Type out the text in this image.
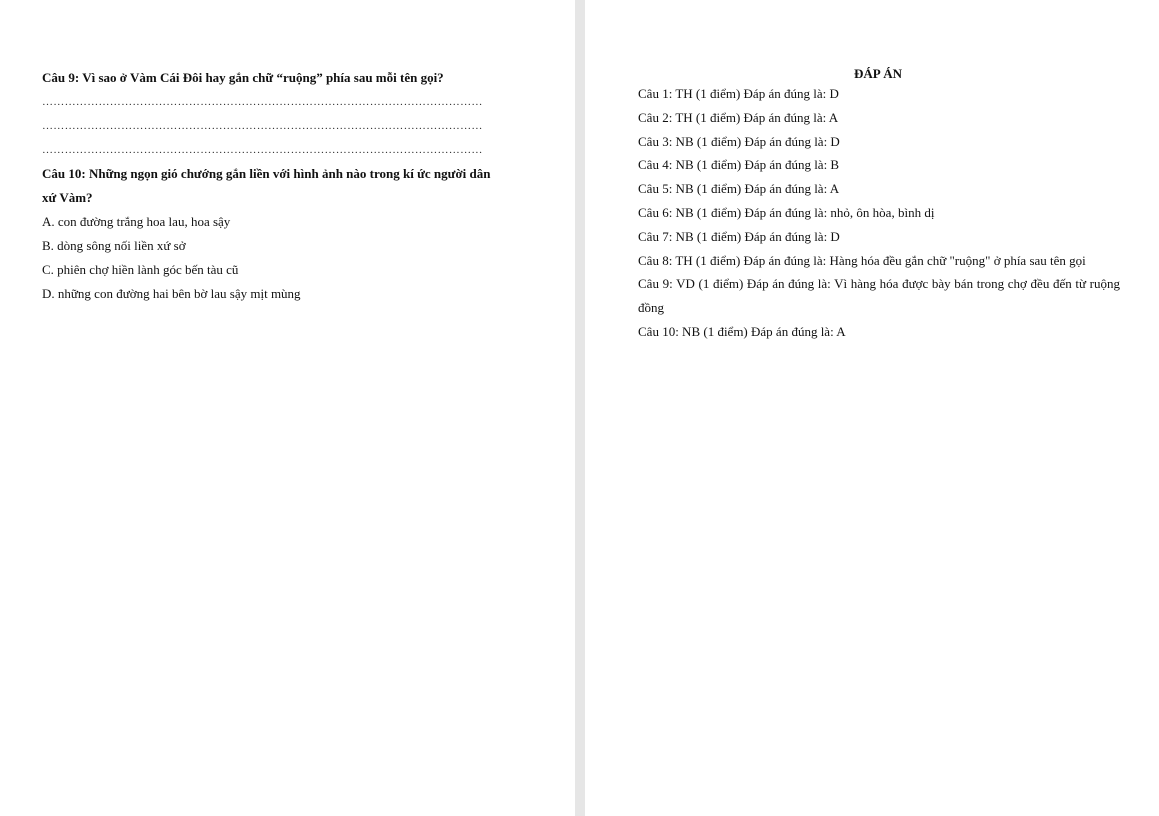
Câu 9: Vì sao ở Vàm Cái Đôi hay gắn chữ “ruộng” phía sau mỗi tên gọi?
………………………………………………………………………………………………………
………………………………………………………………………………………………………
………………………………………………………………………………………………………
Câu 10: Những ngọn gió chướng gắn liền với hình ảnh nào trong kí ức người dân
xứ Vàm?
A. con đường trắng hoa lau, hoa sậy
B. dòng sông nối liền xứ sở
C. phiên chợ hiền lành góc bến tàu cũ
D. những con đường hai bên bờ lau sậy mịt mùng
ĐÁP ÁN
Câu 1: TH (1 điểm) Đáp án đúng là: D
Câu 2: TH (1 điểm) Đáp án đúng là: A
Câu 3: NB (1 điểm) Đáp án đúng là: D
Câu 4: NB (1 điểm) Đáp án đúng là: B
Câu 5: NB (1 điểm) Đáp án đúng là: A
Câu 6: NB (1 điểm) Đáp án đúng là: nhỏ, ôn hòa, bình dị
Câu 7: NB (1 điểm) Đáp án đúng là: D
Câu 8: TH (1 điểm) Đáp án đúng là: Hàng hóa đều gắn chữ "ruộng" ở phía sau tên gọi
Câu 9: VD (1 điểm) Đáp án đúng là: Vì hàng hóa được bày bán trong chợ đều đến từ ruộng đồng
Câu 10: NB (1 điểm) Đáp án đúng là: A
